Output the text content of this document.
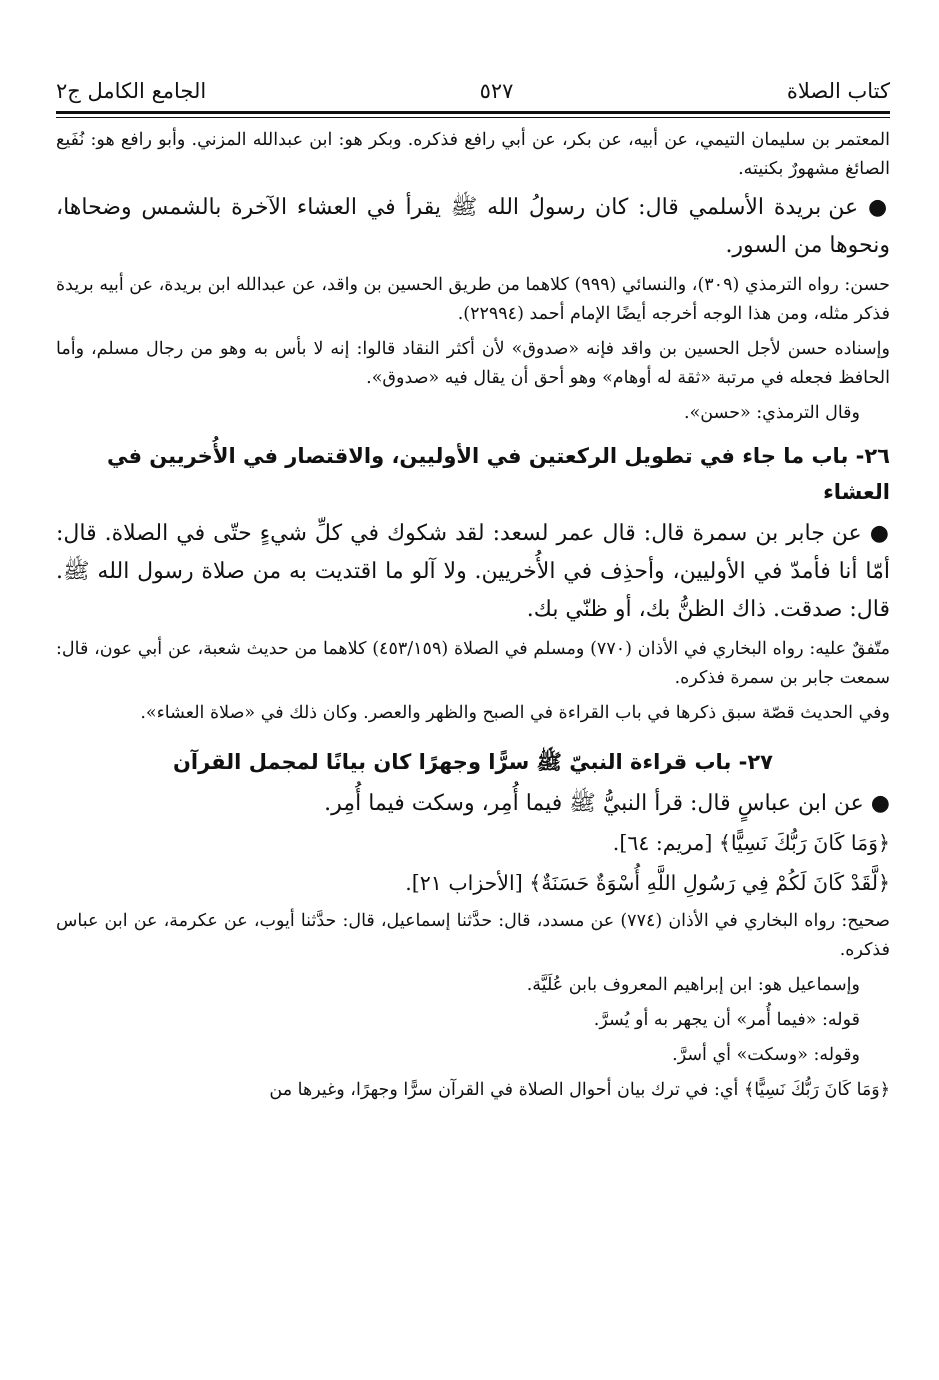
كتاب الصلاة
٥٢٧
الجامع الكامل ج٢

المعتمر بن سليمان التيمي، عن أبيه، عن بكر، عن أبي رافع فذكره. وبكر هو: ابن عبدالله المزني. وأبو رافع هو: نُفَيع الصائغ مشهورٌ بكنيته.

● عن بريدة الأسلمي قال: كان رسولُ الله ﷺ يقرأ في العشاء الآخرة بالشمس وضحاها، ونحوها من السور.

حسن: رواه الترمذي (٣٠٩)، والنسائي (٩٩٩) كلاهما من طريق الحسين بن واقد، عن عبدالله ابن بريدة، عن أبيه بريدة فذكر مثله، ومن هذا الوجه أخرجه أيضًا الإمام أحمد (٢٢٩٩٤).

وإسناده حسن لأجل الحسين بن واقد فإنه «صدوق» لأن أكثر النقاد قالوا: إنه لا بأس به وهو من رجال مسلم، وأما الحافظ فجعله في مرتبة «ثقة له أوهام» وهو أحق أن يقال فيه «صدوق».

وقال الترمذي: «حسن».

٢٦- باب ما جاء في تطويل الركعتين في الأوليين، والاقتصار في الأُخريين في العشاء

● عن جابر بن سمرة قال: قال عمر لسعد: لقد شكوك في كلِّ شيءٍ حتّى في الصلاة. قال: أمّا أنا فأمدّ في الأوليين، وأحذِف في الأُخريين. ولا آلو ما اقتديت به من صلاة رسول الله ﷺ. قال: صدقت. ذاك الظنُّ بك، أو ظنّي بك.

متّفقٌ عليه: رواه البخاري في الأذان (٧٧٠) ومسلم في الصلاة (٤٥٣/١٥٩) كلاهما من حديث شعبة، عن أبي عون، قال: سمعت جابر بن سمرة فذكره.

وفي الحديث قصّة سبق ذكرها في باب القراءة في الصبح والظهر والعصر. وكان ذلك في «صلاة العشاء».

٢٧- باب قراءة النبيّ ﷺ سرًّا وجهرًا كان بيانًا لمجمل القرآن

● عن ابن عباسٍ قال: قرأ النبيُّ ﷺ فيما أُمِر، وسكت فيما أُمِر.

﴿وَمَا كَانَ رَبُّكَ نَسِيًّا﴾ [مريم: ٦٤].

﴿لَّقَدْ كَانَ لَكُمْ فِي رَسُولِ اللَّهِ أُسْوَةٌ حَسَنَةٌ﴾ [الأحزاب ٢١].

صحيح: رواه البخاري في الأذان (٧٧٤) عن مسدد، قال: حدَّثنا إسماعيل، قال: حدَّثنا أيوب، عن عكرمة، عن ابن عباس فذكره.

وإسماعيل هو: ابن إبراهيم المعروف بابن عُلَيَّة.

قوله: «فيما أُمر» أن يجهر به أو يُسرَّ.

وقوله: «وسكت» أي أسرَّ.

﴿وَمَا كَانَ رَبُّكَ نَسِيًّا﴾ أي: في ترك بيان أحوال الصلاة في القرآن سرًّا وجهرًا، وغيرها من
